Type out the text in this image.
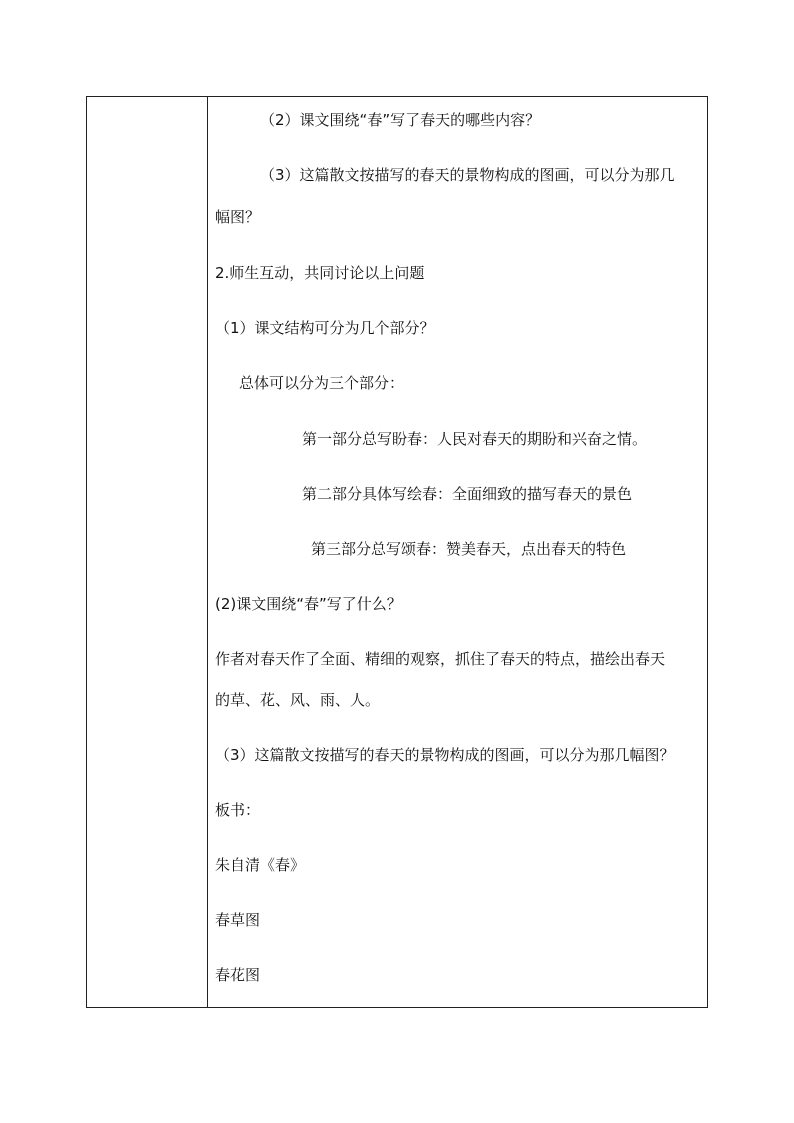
（2）课文围绕“春”写了春天的哪些内容？
（3）这篇散文按描写的春天的景物构成的图画，可以分为那几
幅图？
2.师生互动，共同讨论以上问题
（1）课文结构可分为几个部分？
总体可以分为三个部分：
第一部分总写盼春：人民对春天的期盼和兴奋之情。
第二部分具体写绘春：全面细致的描写春天的景色
第三部分总写颂春：赞美春天，点出春天的特色
(2)课文围绕“春”写了什么？
作者对春天作了全面、精细的观察，抓住了春天的特点，描绘出春天
的草、花、风、雨、人。
（3）这篇散文按描写的春天的景物构成的图画，可以分为那几幅图？
板书：
朱自清《春》
春草图
春花图
